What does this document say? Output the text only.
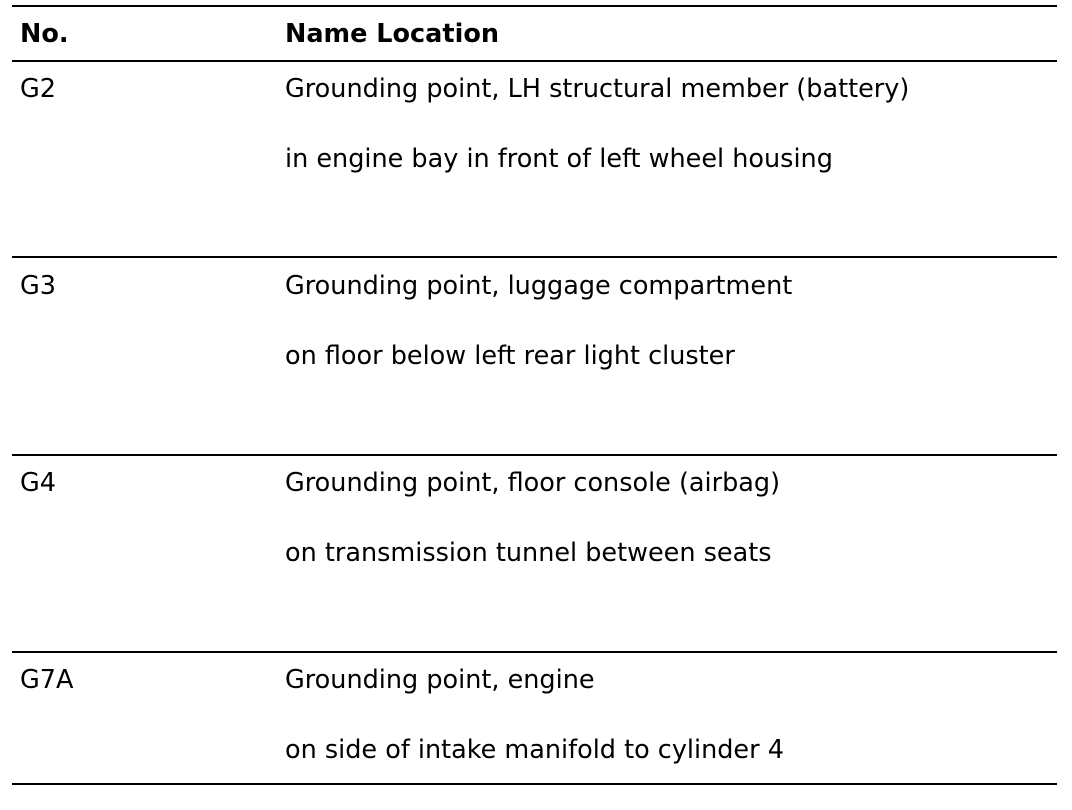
No.	Name Location
G2	Grounding point, LH structural member (battery)
in engine bay in front of left wheel housing
G3	Grounding point, luggage compartment
on floor below left rear light cluster
G4	Grounding point, floor console (airbag)
on transmission tunnel between seats
G7A	Grounding point, engine
on side of intake manifold to cylinder 4
